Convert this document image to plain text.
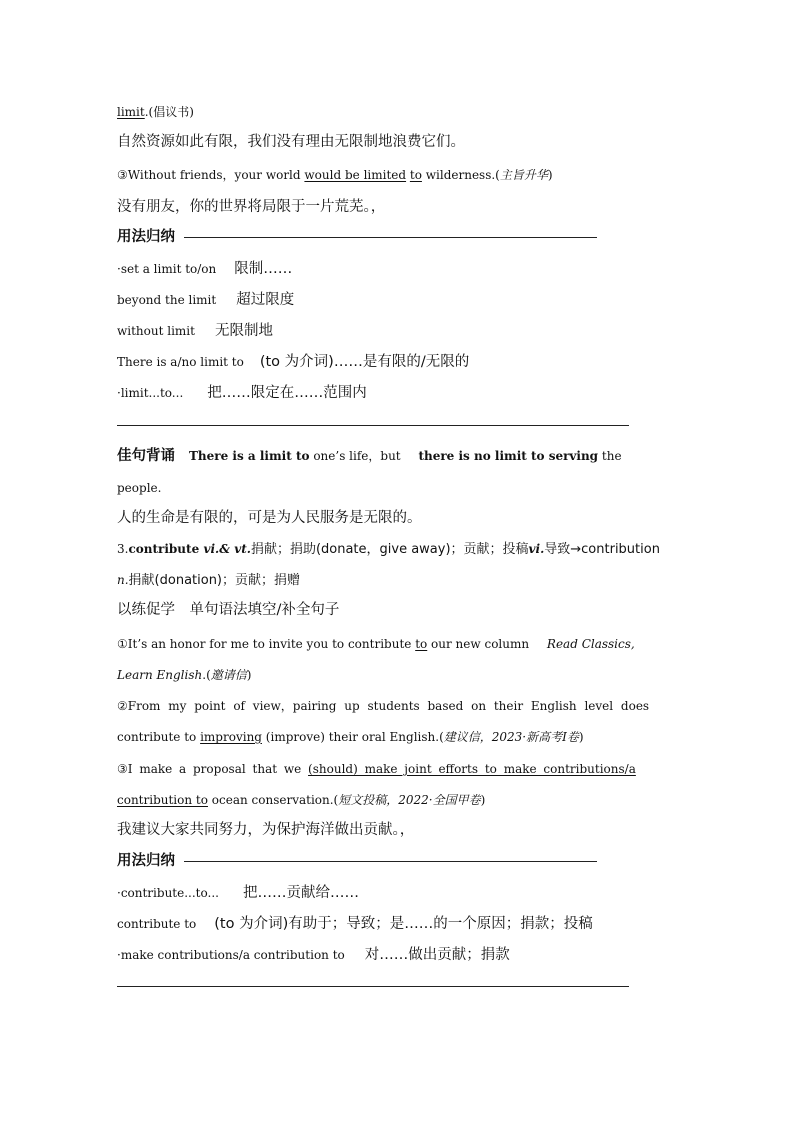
limit.(倡议书)
自然资源如此有限，我们没有理由无限制地浪费它们。
③Without friends，your world would be limited to wilderness.(主旨升华)
没有朋友，你的世界将局限于一片荒芜。，
用法归纳
·set a limit to/on 限制……
beyond the limit 超过限度
without limit 无限制地
There is a/no limit to (to 为介词)……是有限的/无限的
·limit...to... 把……限定在……范围内
佳句背诵 There is a limit to one’s life，but there is no limit to serving the
people.
人的生命是有限的，可是为人民服务是无限的。
3.contribute vi.& vt.捐献；捐助(donate，give away)；贡献；投稿vi.导致→contribution
n.捐献(donation)；贡献；捐赠
以练促学　单句语法填空/补全句子
①It’s an honor for me to invite you to contribute to our new column Read Classics,
Learn English.(邀请信)
②From my point of view，pairing up students based on their English level does
contribute to improving (improve) their oral English.(建议信，2023·新高考Ⅰ卷)
③I make a proposal that we (should) make joint efforts to make contributions/a
contribution to ocean conservation.(短文投稿，2022·全国甲卷)
我建议大家共同努力，为保护海洋做出贡献。，
用法归纳
·contribute...to... 把……贡献给……
contribute to (to 为介词)有助于；导致；是……的一个原因；捐款；投稿
·make contributions/a contribution to 对……做出贡献；捐款
